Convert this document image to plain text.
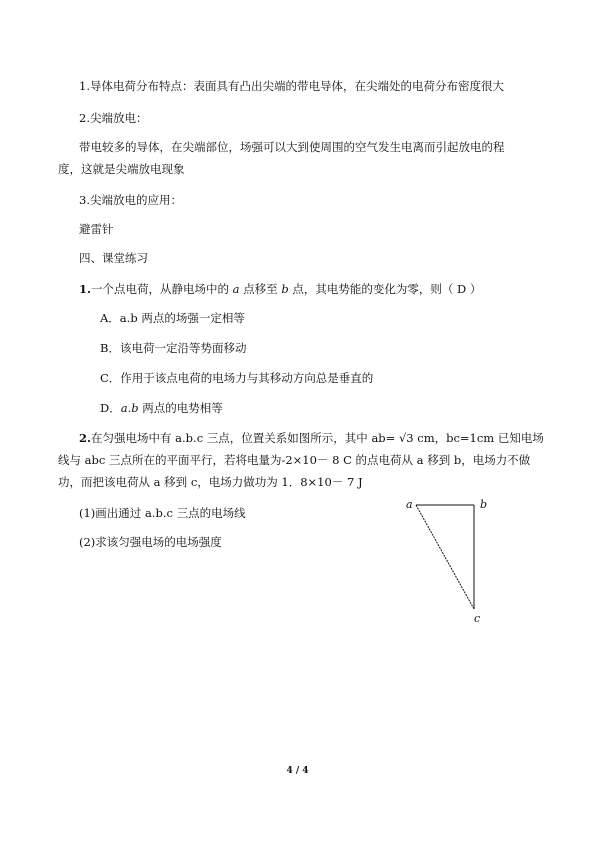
1.导体电荷分布特点：表面具有凸出尖端的带电导体，在尖端处的电荷分布密度很大
2.尖端放电：
带电较多的导体，在尖端部位，场强可以大到使周围的空气发生电离而引起放电的程
度，这就是尖端放电现象
3.尖端放电的应用：
避雷针
四、课堂练习
1.一个点电荷，从静电场中的 a 点移至 b 点，其电势能的变化为零，则（ D ）
A．a.b 两点的场强一定相等
B．该电荷一定沿等势面移动
C．作用于该点电荷的电场力与其移动方向总是垂直的
D．a.b 两点的电势相等
2.在匀强电场中有 a.b.c 三点，位置关系如图所示，其中 ab= √3 cm，bc=1cm 已知电场
线与 abc 三点所在的平面平行，若将电量为-2×10－ 8 C 的点电荷从 a 移到 b，电场力不做
功，而把该电荷从 a 移到 c，电场力做功为 1．8×10－ 7 J
(1)画出通过 a.b.c 三点的电场线
(2)求该匀强电场的电场强度
a	b
c
4 / 4
